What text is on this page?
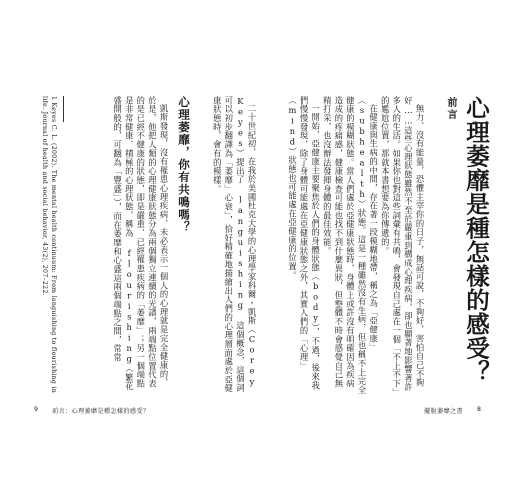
前言 心理萎靡是種怎樣的感受？

無力、沒有能量，恐懼主宰你的日子，無話可說，不夠好，害怕自己不夠好……這些心理狀態雖然不至於嚴重到構成心理疾病，卻也顯著地影響著許多人的生活。如果你也對這些詞彙有共鳴，會發現自己處在一個「不上不下」的尷尬位置，那就本書想要為你傳遞的。

在健康與生病的中間，存在著一段模糊地帶，稱之為「亞健康」（subhealth）狀態。這是一種雖然沒有生病，但也稱不上完全健康的模糊狀態。當人們處於亞健康狀態時，身體上或許沒有明確因為疾病造成的疼痛感，健康檢查可能也找不到什麼異狀，但整體不時會感覺自己無精打采，也沒辦法發揮身體的最佳效能。

一開始，亞健康主要聚焦於人們的身體狀態（body），不過，後來我們慢慢發現，除了身體可能處在亞健康狀態之外，其實人們的「心理」（mind）狀態也可能處在亞健康的位置。

二十世紀初，在我於美國杜克大學的心理學家科爾・凱斯（Corey Keyes）提出了 languishing 這個概念，這個詞可以初步翻譯為「萎靡」心衰」，恰好精確地描繪出人們的心理層面處於亞健康狀態時，會有的模樣。

心理萎靡，你有共鳴嗎？

凱斯發現，沒有罹患心理疾病，未必表示一個人的心理就是完全健康的，於是，他把人類的心理健康狀態分為兩個獨立連續的光譜，兩端點位置代表的是已經不健康的狀態，即是嚴重、已經罹患疾病的「萎靡」；另一個端點是非常健康、積極的心理狀態，稱為 flourishing（繁花盛開般的，可翻為「豐盛」），而在萎靡和心盛這兩個端點之間，常常

1 Keyes C. L. (2002). The mental health continuum: From languishing to flourishing in life. Journal of health and social behavior, 43(2), 207–222.
9 前言：心理萎靡是種怎樣的感受？	擺脫萎靡之書 8
